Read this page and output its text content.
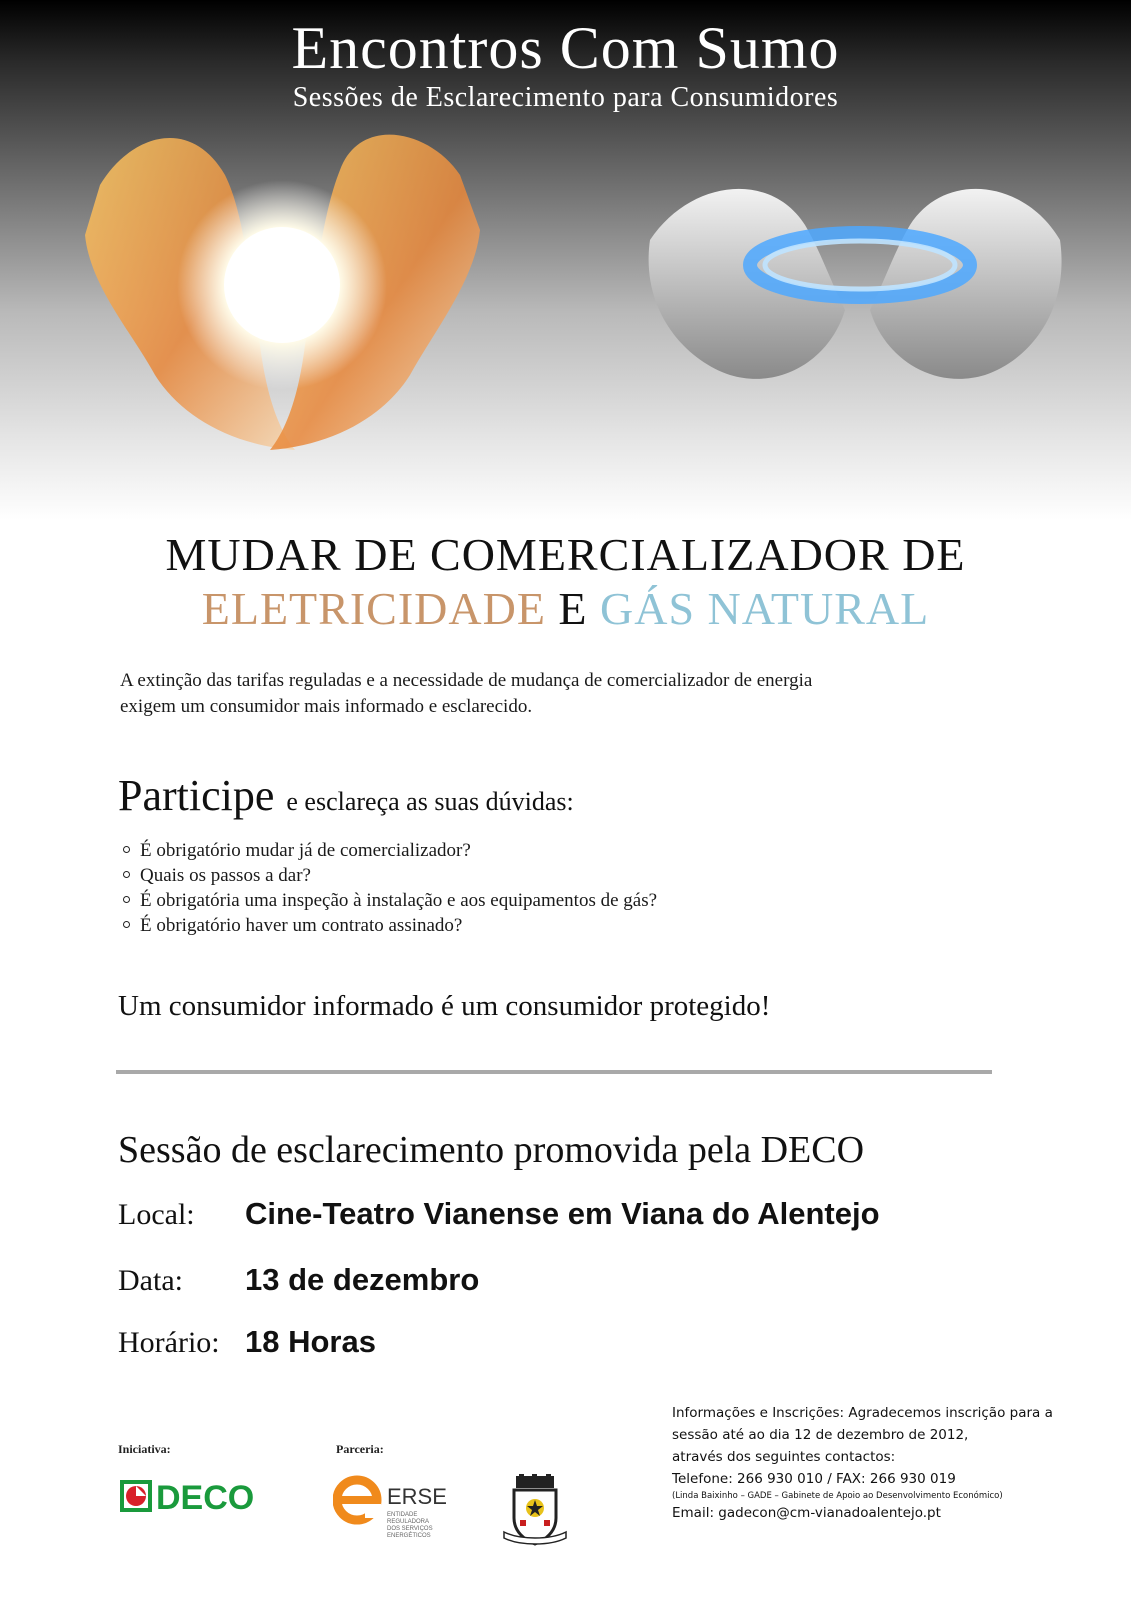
Encontros Com Sumo
Sessões de Esclarecimento para Consumidores
MUDAR DE COMERCIALIZADOR DE
ELETRICIDADE E GÁS NATURAL
A extinção das tarifas reguladas e a necessidade de mudança de comercializador de energia
exigem um consumidor mais informado e esclarecido.
Participe e esclareça as suas dúvidas:
É obrigatório mudar já de comercializador?
Quais os passos a dar?
É obrigatória uma inspeção à instalação e aos equipamentos de gás?
É obrigatório haver um contrato assinado?
Um consumidor informado é um consumidor protegido!
Sessão de esclarecimento promovida pela DECO
Local: Cine-Teatro Vianense em Viana do Alentejo
Data: 13 de dezembro
Horário: 18 Horas
Iniciativa:	Parceria:
DECO	ERSE
ENTIDADE
REGULADORA
DOS SERVIÇOS
ENERGÉTICOS
Informações e Inscrições: Agradecemos inscrição para a
sessão até ao dia 12 de dezembro de 2012,
através dos seguintes contactos:
Telefone: 266 930 010 / FAX: 266 930 019
(Linda Baixinho – GADE – Gabinete de Apoio ao Desenvolvimento Económico)
Email: gadecon@cm-vianadoalentejo.pt
